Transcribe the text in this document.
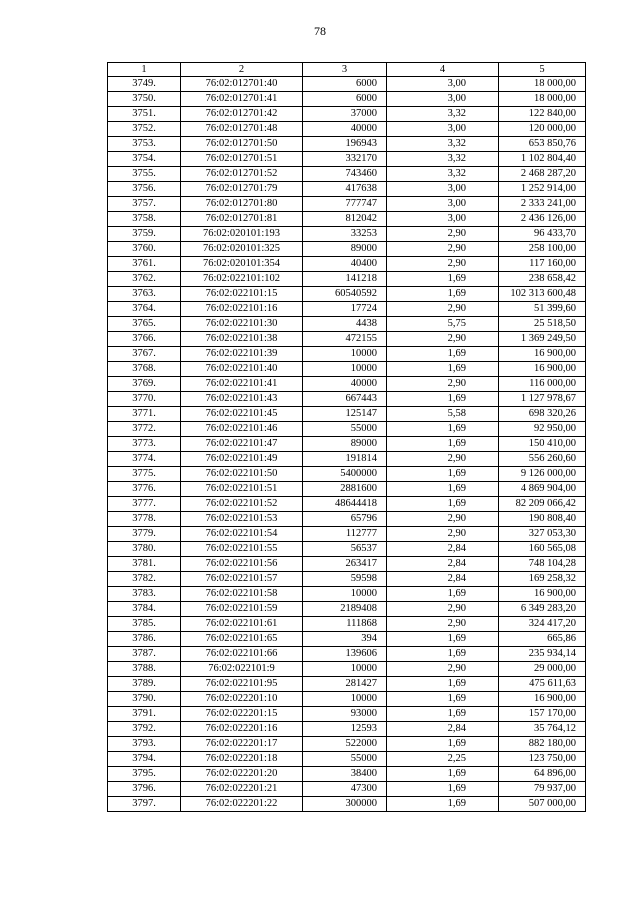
78
1	2	3	4	5
3749.	76:02:012701:40	6000	3,00	18 000,00
3750.	76:02:012701:41	6000	3,00	18 000,00
3751.	76:02:012701:42	37000	3,32	122 840,00
3752.	76:02:012701:48	40000	3,00	120 000,00
3753.	76:02:012701:50	196943	3,32	653 850,76
3754.	76:02:012701:51	332170	3,32	1 102 804,40
3755.	76:02:012701:52	743460	3,32	2 468 287,20
3756.	76:02:012701:79	417638	3,00	1 252 914,00
3757.	76:02:012701:80	777747	3,00	2 333 241,00
3758.	76:02:012701:81	812042	3,00	2 436 126,00
3759.	76:02:020101:193	33253	2,90	96 433,70
3760.	76:02:020101:325	89000	2,90	258 100,00
3761.	76:02:020101:354	40400	2,90	117 160,00
3762.	76:02:022101:102	141218	1,69	238 658,42
3763.	76:02:022101:15	60540592	1,69	102 313 600,48
3764.	76:02:022101:16	17724	2,90	51 399,60
3765.	76:02:022101:30	4438	5,75	25 518,50
3766.	76:02:022101:38	472155	2,90	1 369 249,50
3767.	76:02:022101:39	10000	1,69	16 900,00
3768.	76:02:022101:40	10000	1,69	16 900,00
3769.	76:02:022101:41	40000	2,90	116 000,00
3770.	76:02:022101:43	667443	1,69	1 127 978,67
3771.	76:02:022101:45	125147	5,58	698 320,26
3772.	76:02:022101:46	55000	1,69	92 950,00
3773.	76:02:022101:47	89000	1,69	150 410,00
3774.	76:02:022101:49	191814	2,90	556 260,60
3775.	76:02:022101:50	5400000	1,69	9 126 000,00
3776.	76:02:022101:51	2881600	1,69	4 869 904,00
3777.	76:02:022101:52	48644418	1,69	82 209 066,42
3778.	76:02:022101:53	65796	2,90	190 808,40
3779.	76:02:022101:54	112777	2,90	327 053,30
3780.	76:02:022101:55	56537	2,84	160 565,08
3781.	76:02:022101:56	263417	2,84	748 104,28
3782.	76:02:022101:57	59598	2,84	169 258,32
3783.	76:02:022101:58	10000	1,69	16 900,00
3784.	76:02:022101:59	2189408	2,90	6 349 283,20
3785.	76:02:022101:61	111868	2,90	324 417,20
3786.	76:02:022101:65	394	1,69	665,86
3787.	76:02:022101:66	139606	1,69	235 934,14
3788.	76:02:022101:9	10000	2,90	29 000,00
3789.	76:02:022101:95	281427	1,69	475 611,63
3790.	76:02:022201:10	10000	1,69	16 900,00
3791.	76:02:022201:15	93000	1,69	157 170,00
3792.	76:02:022201:16	12593	2,84	35 764,12
3793.	76:02:022201:17	522000	1,69	882 180,00
3794.	76:02:022201:18	55000	2,25	123 750,00
3795.	76:02:022201:20	38400	1,69	64 896,00
3796.	76:02:022201:21	47300	1,69	79 937,00
3797.	76:02:022201:22	300000	1,69	507 000,00
